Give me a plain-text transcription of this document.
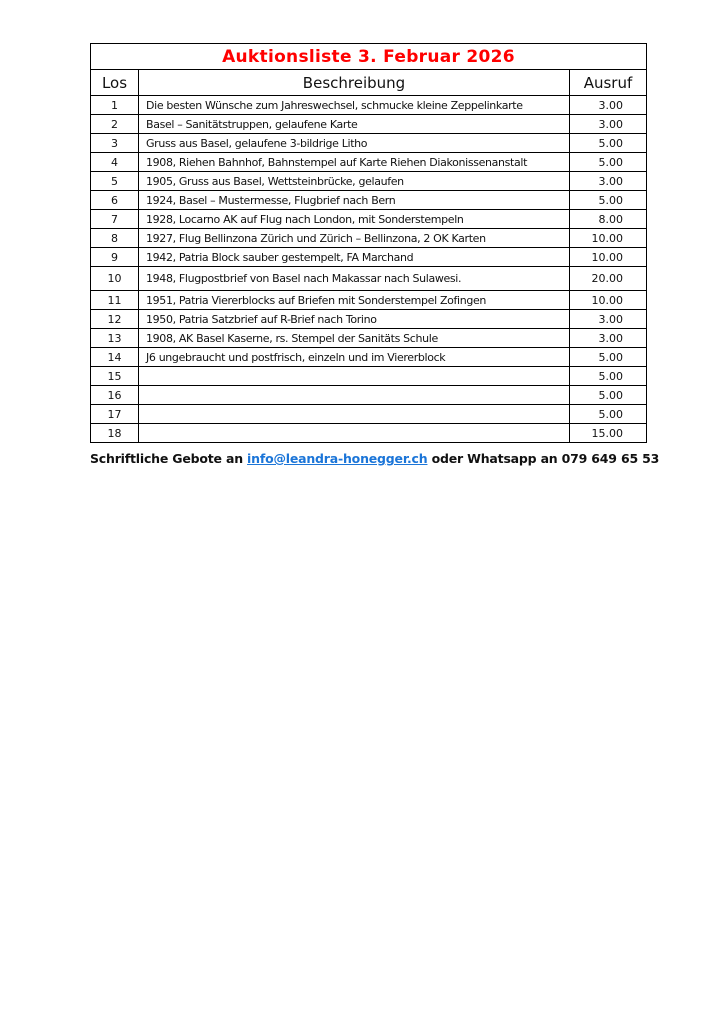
Auktionsliste 3. Februar 2026		
Los	Beschreibung	Ausruf
1	Die besten Wünsche zum Jahreswechsel, schmucke kleine Zeppelinkarte	3.00
2	Basel – Sanitätstruppen, gelaufene Karte	3.00
3	Gruss aus Basel, gelaufene 3-bildrige Litho	5.00
4	1908, Riehen Bahnhof, Bahnstempel auf Karte Riehen Diakonissenanstalt	5.00
5	1905, Gruss aus Basel, Wettsteinbrücke, gelaufen	3.00
6	1924, Basel – Mustermesse, Flugbrief nach Bern	5.00
7	1928, Locarno AK auf Flug nach London, mit Sonderstempeln	8.00
8	1927, Flug Bellinzona Zürich und Zürich – Bellinzona, 2 OK Karten	10.00
9	1942, Patria Block sauber gestempelt, FA Marchand	10.00
10	1948, Flugpostbrief von Basel nach Makassar nach Sulawesi.	20.00
11	1951, Patria Viererblocks auf Briefen mit Sonderstempel Zofingen	10.00
12	1950, Patria Satzbrief auf R-Brief nach Torino	3.00
13	1908, AK Basel Kaserne, rs. Stempel der Sanitäts Schule	3.00
14	J6 ungebraucht und postfrisch, einzeln und im Viererblock	5.00
15		5.00
16		5.00
17		5.00
18		15.00
Schriftliche Gebote an info@leandra-honegger.ch oder Whatsapp an 079 649 65 53
